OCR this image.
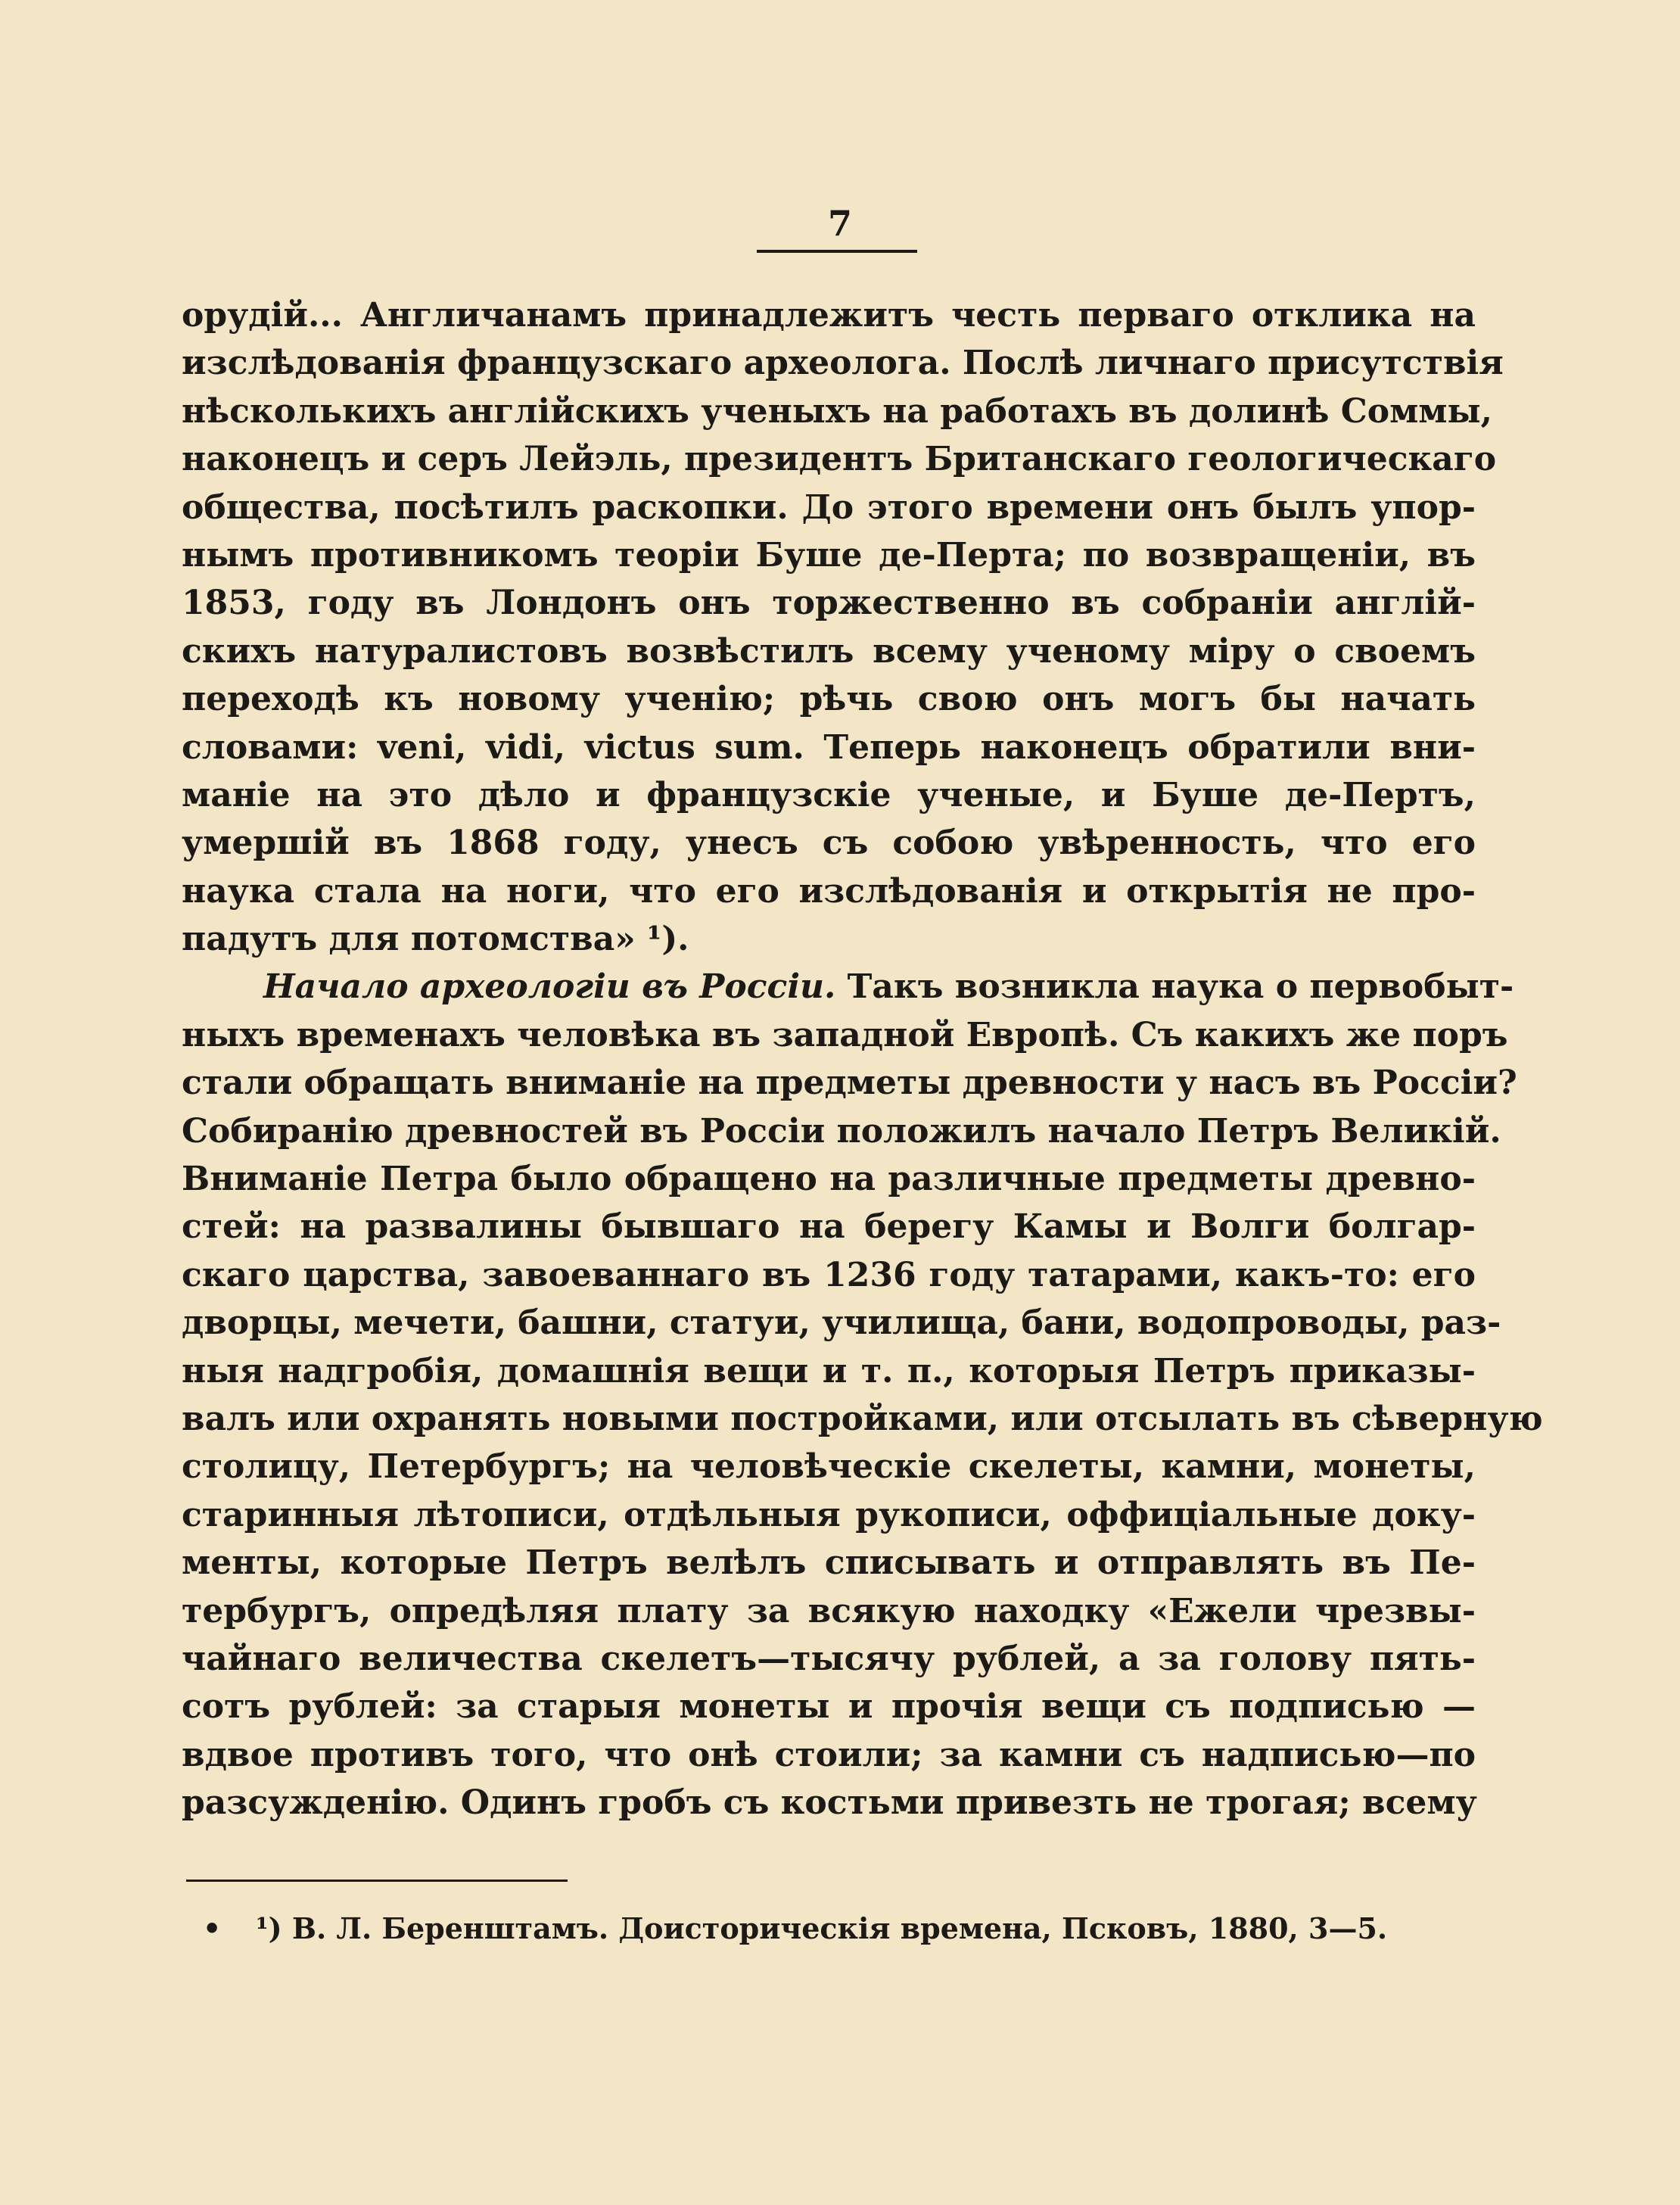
7
орудій... Англичанамъ принадлежитъ честь перваго отклика на
изслѣдованія французскаго археолога. Послѣ личнаго присутствія
нѣсколькихъ англійскихъ ученыхъ на работахъ въ долинѣ Соммы,
наконецъ и серъ Лейэль, президентъ Британскаго геологическаго
общества, посѣтилъ раскопки. До этого времени онъ былъ упор-
нымъ противникомъ теоріи Буше де-Перта; по возвращеніи, въ
1853, году въ Лондонъ онъ торжественно въ собраніи англій-
скихъ натуралистовъ возвѣстилъ всему ученому міру о своемъ
переходѣ къ новому ученію; рѣчь свою онъ могъ бы начать
словами: veni, vidi, victus sum. Теперь наконецъ обратили вни-
маніе на это дѣло и французскіе ученые, и Буше де-Пертъ,
умершій въ 1868 году, унесъ съ собою увѣренность, что его
наука стала на ноги, что его изслѣдованія и открытія не про-
падутъ для потомства» ¹).
Начало археологіи въ Россіи. Такъ возникла наука о первобыт-
ныхъ временахъ человѣка въ западной Европѣ. Съ какихъ же поръ
стали обращать вниманіе на предметы древности у насъ въ Россіи?
Собиранію древностей въ Россіи положилъ начало Петръ Великій.
Вниманіе Петра было обращено на различные предметы древно-
стей: на развалины бывшаго на берегу Камы и Волги болгар-
скаго царства, завоеваннаго въ 1236 году татарами, какъ-то: его
дворцы, мечети, башни, статуи, училища, бани, водопроводы, раз-
ныя надгробія, домашнія вещи и т. п., которыя Петръ приказы-
валъ или охранять новыми постройками, или отсылать въ сѣверную
столицу, Петербургъ; на человѣческіе скелеты, камни, монеты,
старинныя лѣтописи, отдѣльныя рукописи, оффиціальные доку-
менты, которые Петръ велѣлъ списывать и отправлять въ Пе-
тербургъ, опредѣляя плату за всякую находку «Ежели чрезвы-
чайнаго величества скелетъ—тысячу рублей, а за голову пять-
сотъ рублей: за старыя монеты и прочія вещи съ подписью —
вдвое противъ того, что онѣ стоили; за камни съ надписью—по
разсужденію. Одинъ гробъ съ костьми привезть не трогая; всему
• ¹) В. Л. Беренштамъ. Доисторическія времена, Псковъ, 1880, 3—5.
